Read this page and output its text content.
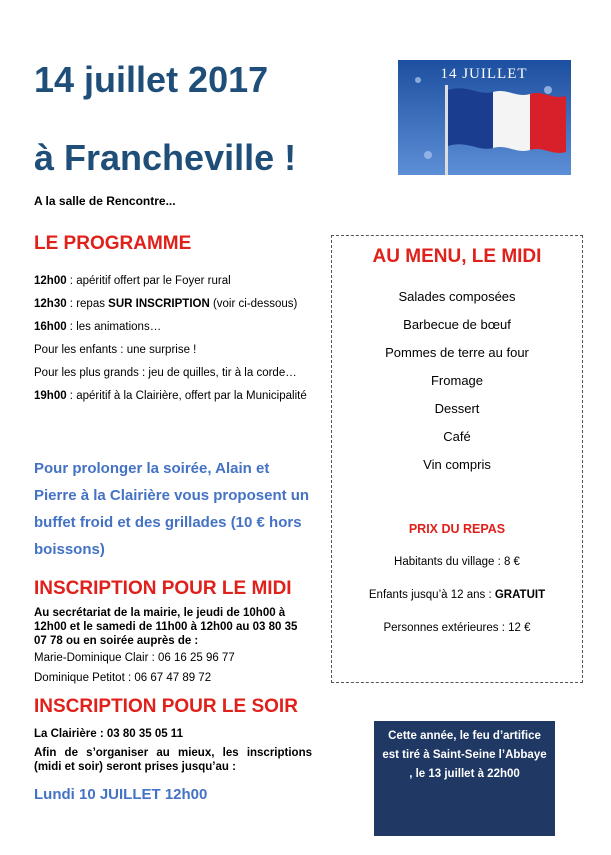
14 juillet 2017
à Francheville !
A la salle de Rencontre...
14 JUILLET
LE PROGRAMME

12h00 : apéritif offert par le Foyer rural

12h30 : repas SUR INSCRIPTION (voir ci-dessous)

16h00 : les animations…

Pour les enfants : une surprise !

Pour les plus grands : jeu de quilles, tir à la corde…

19h00 : apéritif à la Clairière, offert par la Municipalité

Pour prolonger la soirée, Alain et Pierre à la Clairière vous proposent un buffet froid et des grillades (10 € hors boissons)
INSCRIPTION POUR LE MIDI

Au secrétariat de la mairie, le jeudi de 10h00 à 12h00 et le samedi de 11h00 à 12h00 au 03 80 35 07 78 ou en soirée auprès de :

Marie-Dominique Clair : 06 16 25 96 77

Dominique Petitot : 06 67 47 89 72

INSCRIPTION POUR LE SOIR

La Clairière : 03 80 35 05 11

Afin de s’organiser au mieux, les inscriptions (midi et soir) seront prises jusqu’au :

Lundi 10 JUILLET 12h00
AU MENU, LE MIDI
Salades composées
Barbecue de bœuf
Pommes de terre au four
Fromage
Dessert
Café
Vin compris
PRIX DU REPAS
Habitants du village : 8 €
Enfants jusqu’à 12 ans : GRATUIT
Personnes extérieures : 12 €
Cette année, le feu d’artifice est tiré à Saint-Seine l’Abbaye , le 13 juillet à 22h00
